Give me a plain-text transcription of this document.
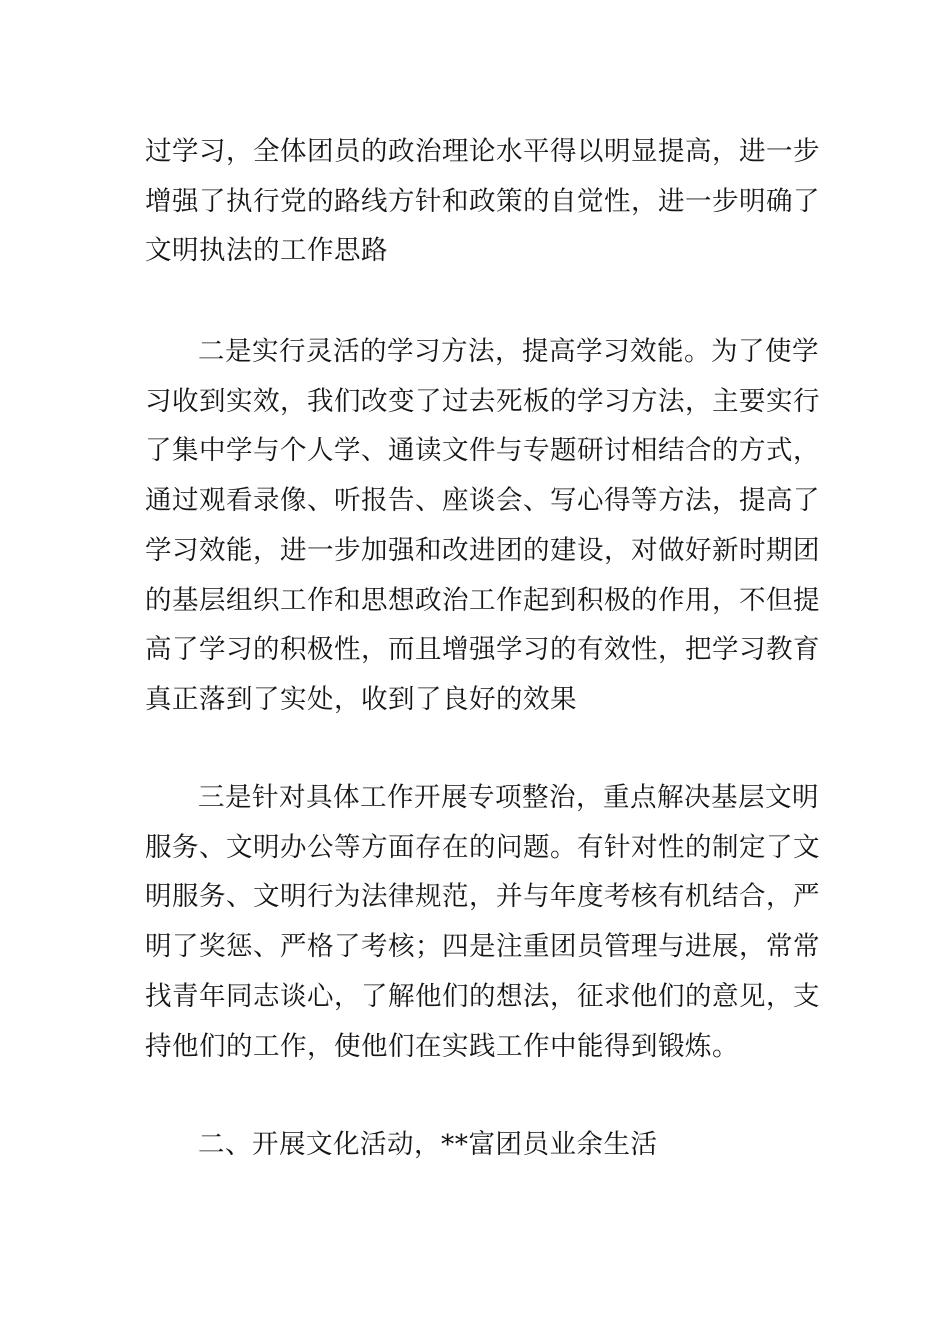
过学习，全体团员的政治理论水平得以明显提高，进一步
增强了执行党的路线方针和政策的自觉性，进一步明确了
文明执法的工作思路

二是实行灵活的学习方法，提高学习效能。为了使学
习收到实效，我们改变了过去死板的学习方法，主要实行
了集中学与个人学、通读文件与专题研讨相结合的方式，
通过观看录像、听报告、座谈会、写心得等方法，提高了
学习效能，进一步加强和改进团的建设，对做好新时期团
的基层组织工作和思想政治工作起到积极的作用，不但提
高了学习的积极性，而且增强学习的有效性，把学习教育
真正落到了实处，收到了良好的效果

三是针对具体工作开展专项整治，重点解决基层文明
服务、文明办公等方面存在的问题。有针对性的制定了文
明服务、文明行为法律规范，并与年度考核有机结合，严
明了奖惩、严格了考核；四是注重团员管理与进展，常常
找青年同志谈心，了解他们的想法，征求他们的意见，支
持他们的工作，使他们在实践工作中能得到锻炼。

二、开展文化活动，**富团员业余生活
